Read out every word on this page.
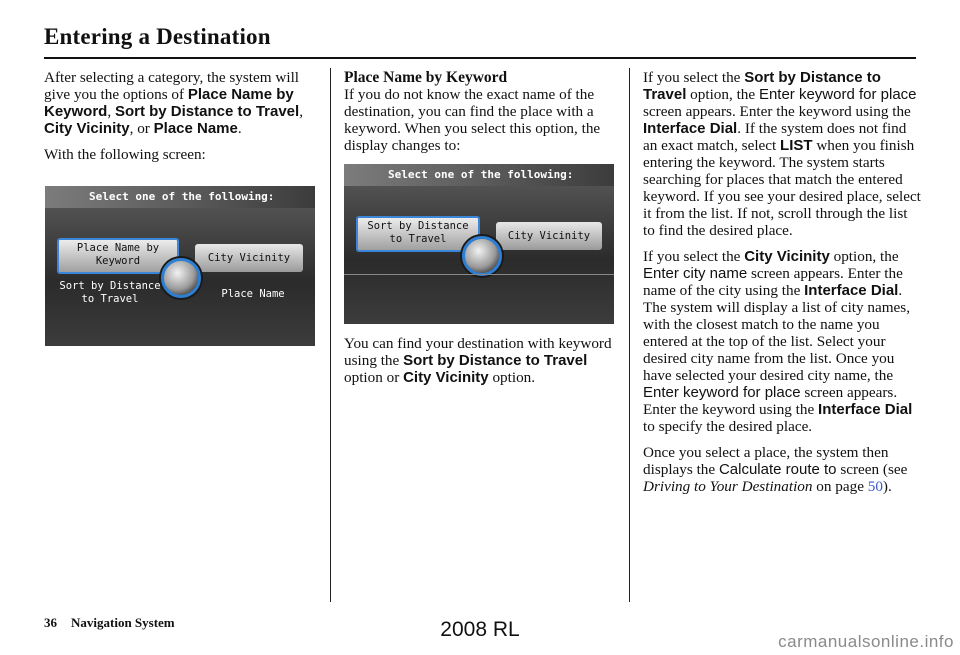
Entering a Destination

After selecting a category, the system will give you the options of Place Name by Keyword, Sort by Distance to Travel, City Vicinity, or Place Name.

With the following screen:

Select one of the following:
Place Name by Keyword	City Vicinity
Sort by Distance to Travel	Place Name

Place Name by Keyword
If you do not know the exact name of the destination, you can find the place with a keyword. When you select this option, the display changes to:

Select one of the following:
Sort by Distance to Travel	City Vicinity

You can find your destination with keyword using the Sort by Distance to Travel option or City Vicinity option.

If you select the Sort by Distance to Travel option, the Enter keyword for place screen appears. Enter the keyword using the Interface Dial. If the system does not find an exact match, select LIST when you finish entering the keyword. The system starts searching for places that match the entered keyword. If you see your desired place, select it from the list. If not, scroll through the list to find the desired place.

If you select the City Vicinity option, the Enter city name screen appears. Enter the name of the city using the Interface Dial. The system will display a list of city names, with the closest match to the name you entered at the top of the list. Select your desired city name from the list. Once you have selected your desired city name, the Enter keyword for place screen appears. Enter the keyword using the Interface Dial to specify the desired place.

Once you select a place, the system then displays the Calculate route to screen (see Driving to Your Destination on page 50).

36 Navigation System	2008 RL
carmanualsonline.info
